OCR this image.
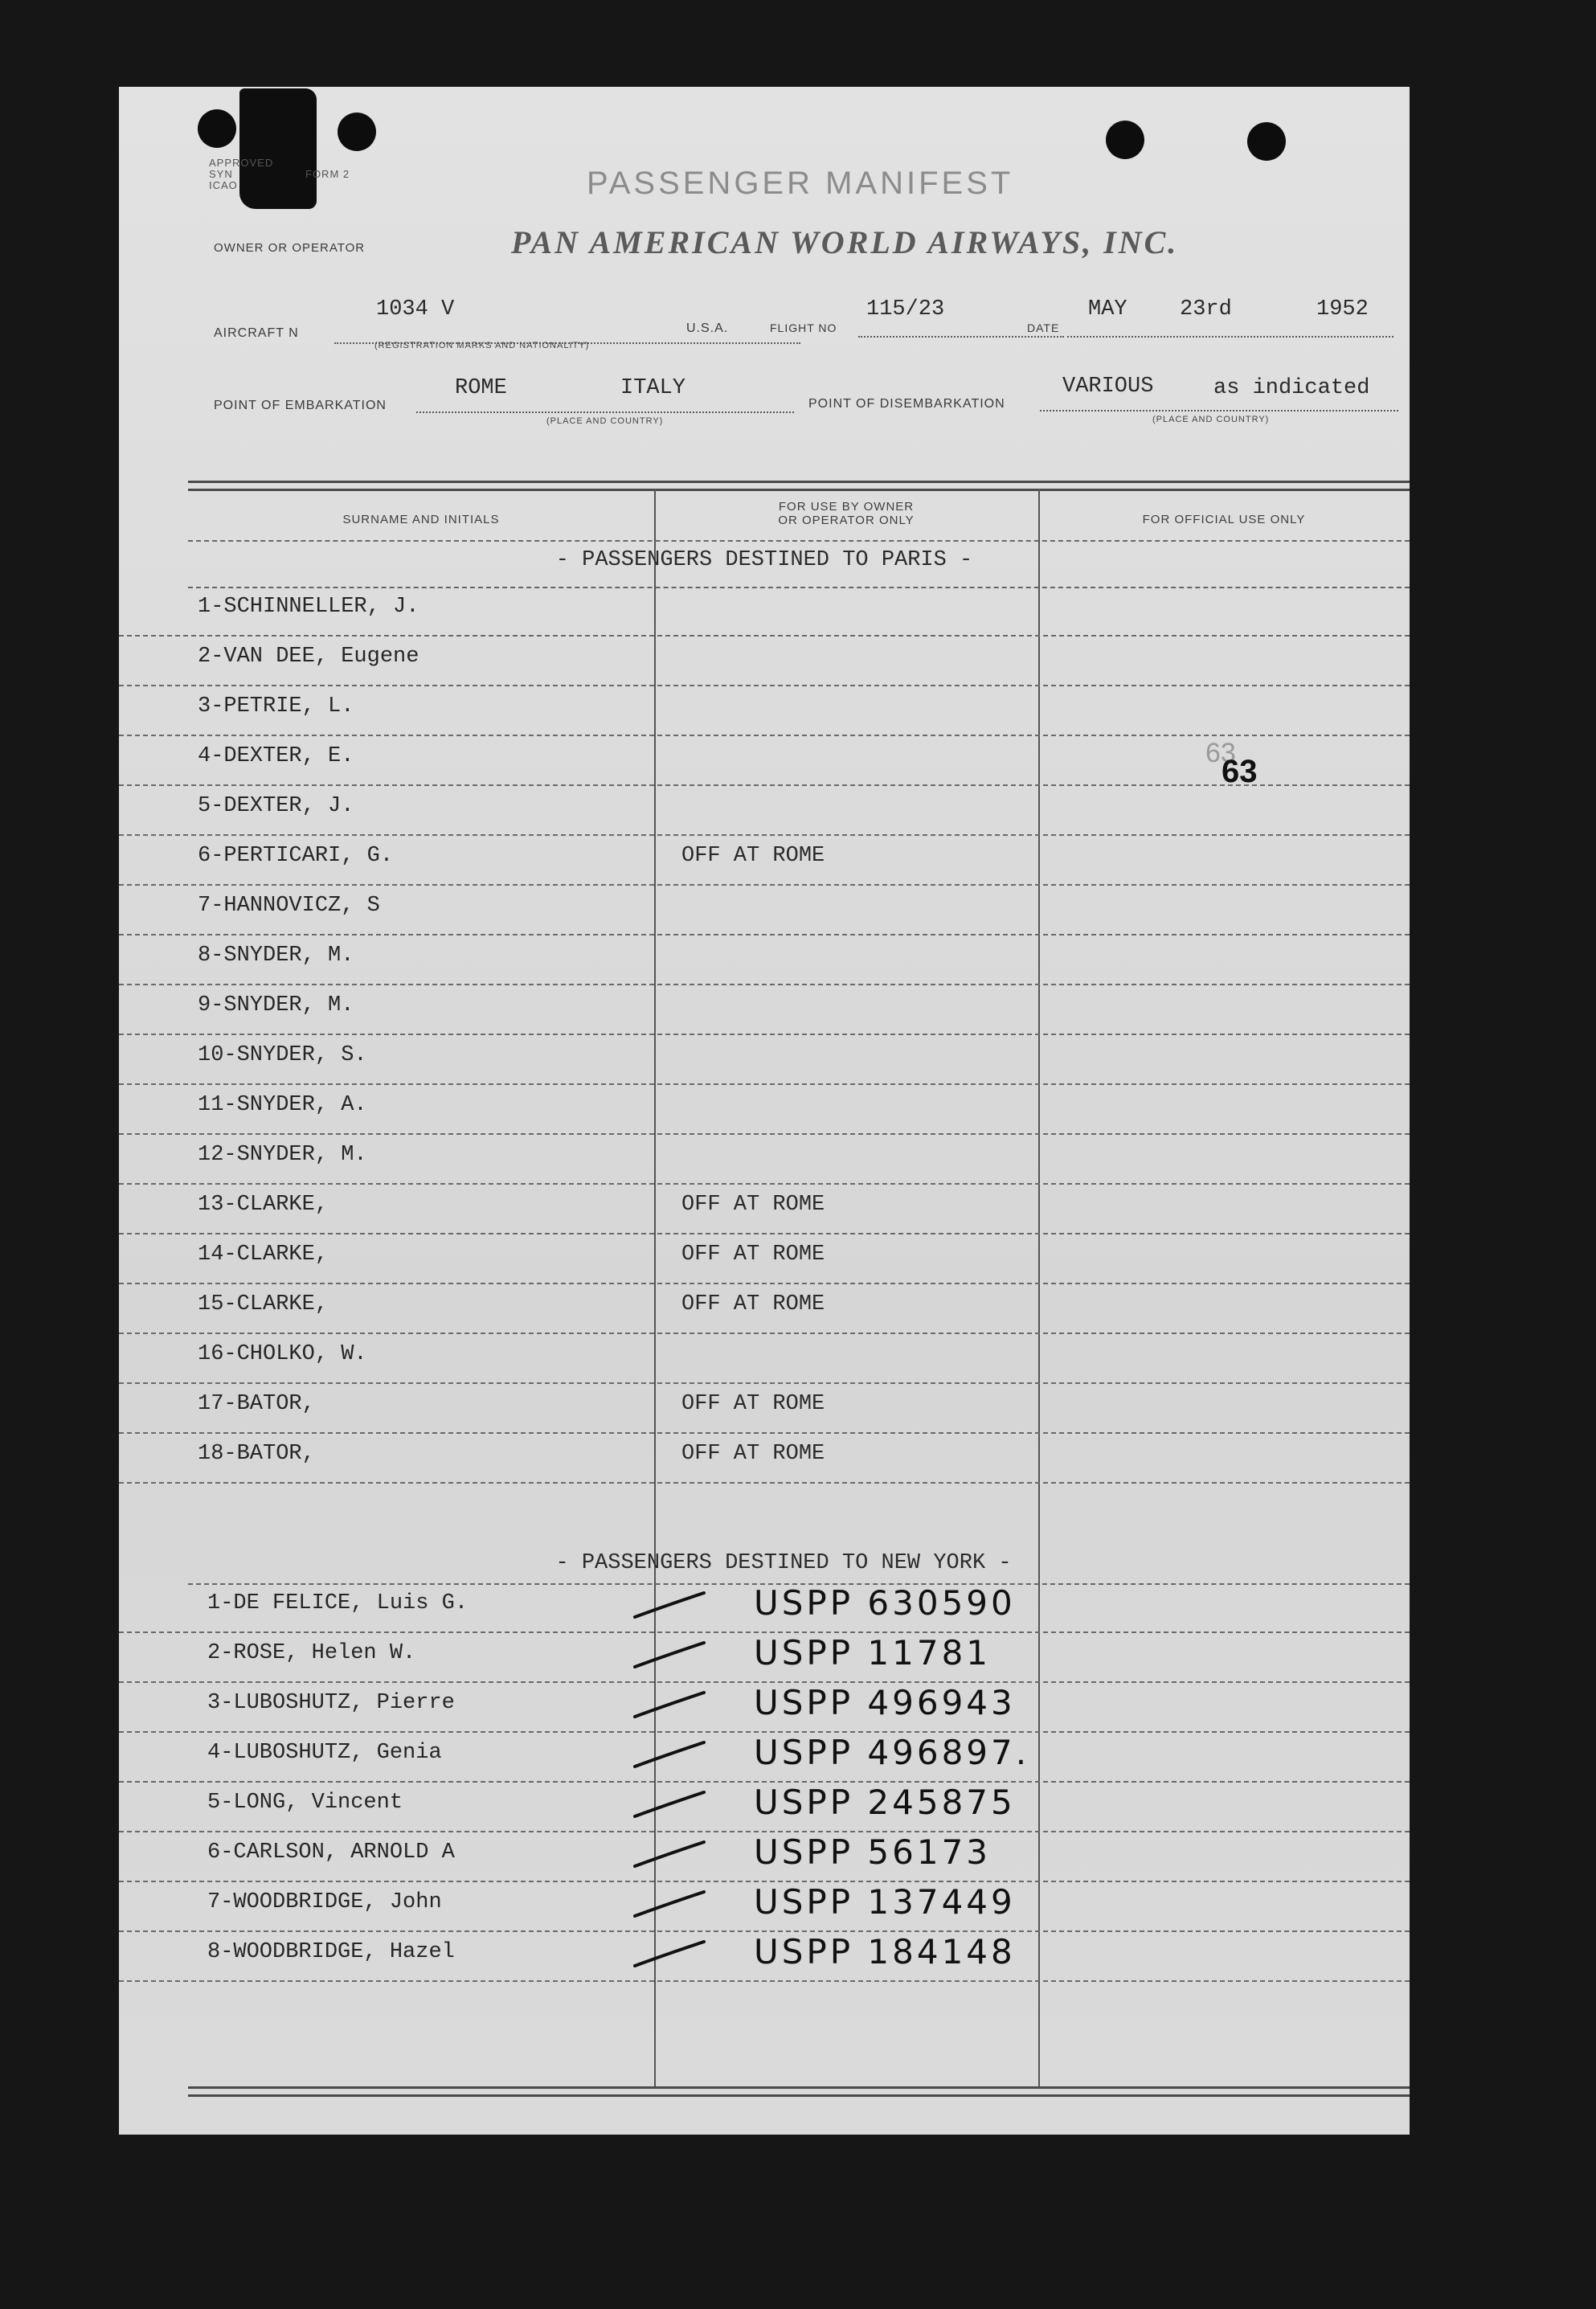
APPROVED
SYN
ICAO
FORM 2	PASSENGER MANIFEST
OWNER OR OPERATOR	PAN AMERICAN WORLD AIRWAYS, INC.
AIRCRAFT N
1034 V
(REGISTRATION MARKS AND NATIONALITY)
U.S.A.	FLIGHT NO
115/23
DATE
MAY 23rd	1952
POINT OF EMBARKATION
ROME	ITALY
(PLACE AND COUNTRY)
POINT OF DISEMBARKATION
VARIOUS	as indicated
(PLACE AND COUNTRY)
SURNAME AND INITIALS
FOR USE BY OWNER
OR OPERATOR ONLY	FOR OFFICIAL USE ONLY
- PASSENGERS DESTINED TO PARIS -
63
63
1-SCHINNELLER, J.
2-VAN DEE, Eugene
3-PETRIE, L.
4-DEXTER, E.
5-DEXTER, J.
6-PERTICARI, G.	OFF AT ROME
7-HANNOVICZ, S
8-SNYDER, M.
9-SNYDER, M.
10-SNYDER, S.
11-SNYDER, A.
12-SNYDER, M.
13-CLARKE,	OFF AT ROME
14-CLARKE,	OFF AT ROME
15-CLARKE,	OFF AT ROME
16-CHOLKO, W.
17-BATOR,	OFF AT ROME
18-BATOR,	OFF AT ROME
- PASSENGERS DESTINED TO NEW YORK -
1-DE FELICE, Luis G.	USPP 630590
2-ROSE, Helen W.	USPP 11781
3-LUBOSHUTZ, Pierre	USPP 496943
4-LUBOSHUTZ, Genia	USPP 496897.
5-LONG, Vincent	USPP 245875
6-CARLSON, ARNOLD A	USPP 56173
7-WOODBRIDGE, John	USPP 137449
8-WOODBRIDGE, Hazel	USPP 184148
